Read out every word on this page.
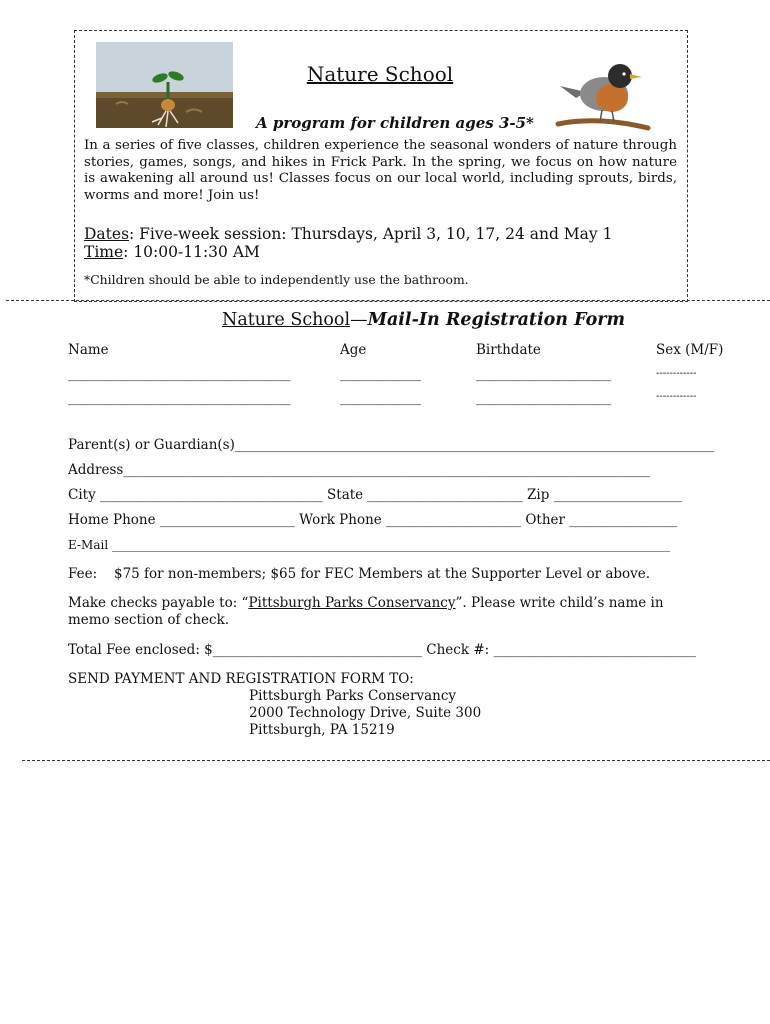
Nature School
A program for children ages 3-5*
In a series of five classes, children experience the seasonal wonders of nature through stories, games, songs, and hikes in Frick Park. In the spring, we focus on how nature is awakening all around us! Classes focus on our local world, including sprouts, birds, worms and more! Join us!
Dates: Five-week session: Thursdays, April 3, 10, 17, 24 and May 1
Time: 10:00-11:30 AM
*Children should be able to independently use the bathroom.
Nature School—Mail-In Registration Form
Name	Age	Birthdate	Sex (M/F)
_________________________________	____________	____________________	------------
_________________________________	____________	____________________	------------
Parent(s) or Guardian(s)_______________________________________________________________________
Address______________________________________________________________________________
City _________________________________ State _______________________ Zip ___________________
Home Phone ____________________ Work Phone ____________________ Other ________________
E-Mail _____________________________________________________________________________________________
Fee: $75 for non-members; $65 for FEC Members at the Supporter Level or above.
Make checks payable to: “Pittsburgh Parks Conservancy”. Please write child’s name in memo section of check.
Total Fee enclosed: $_______________________________ Check #: ______________________________
SEND PAYMENT AND REGISTRATION FORM TO:
Pittsburgh Parks Conservancy
2000 Technology Drive, Suite 300
Pittsburgh, PA 15219
